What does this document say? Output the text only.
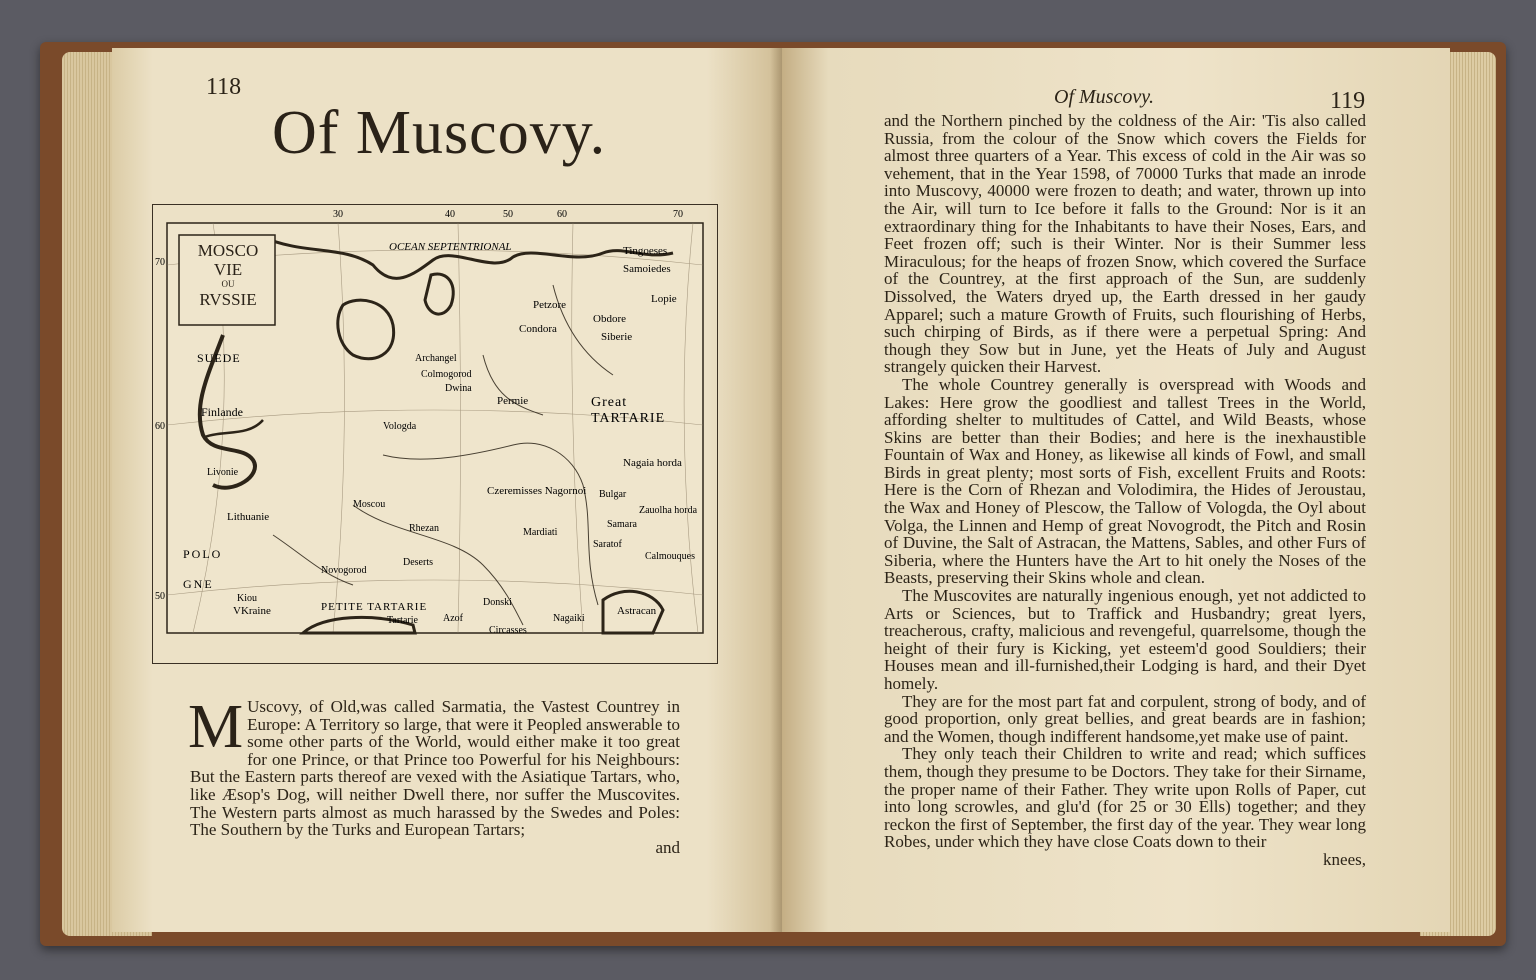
118
Of Muscovy.
MOSCO
VIE
OU
RVSSIE
30	40	50	60	70
70
60
50
OCEAN SEPTENTRIONAL	Tingoeses
Samoiedes
Lopie
Obdore
Petzore
Condora
Siberie
Archangel
Colmogorod
Dwina
Permie	Great TARTARIE
Finlande
SUEDE
Livonie
Lithuanie
Vologda
Moscou
Rhezan
Czeremisses Nagornoi
Nagaia horda
Bulgar
Zauolha horda
Samara
Saratof
Calmouques
POLO
GNE
PETITE TARTARIE
Kiou
VKraine	Astracan
Circasses
Nagaiki
Donski
Mardiati
Deserts
Tartarie	Azof
Novogorod
M Uscovy, of Old,was called Sarmatia, the Vastest Countrey in Europe: A Territory so large, that were it Peopled answerable to some other parts of the World, would either make it too great for one Prince, or that Prince too Powerful for his Neighbours: But the Eastern parts thereof are vexed with the Asiatique Tartars, who, like Æsop's Dog, will neither Dwell there, nor suffer the Muscovites. The Western parts almost as much harassed by the Swedes and Poles: The Southern by the Turks and European Tartars;
and
Of Muscovy.	119

and the Northern pinched by the coldness of the Air: 'Tis also called Russia, from the colour of the Snow which covers the Fields for almost three quarters of a Year. This excess of cold in the Air was so vehement, that in the Year 1598, of 70000 Turks that made an inrode into Muscovy, 40000 were frozen to death; and water, thrown up into the Air, will turn to Ice before it falls to the Ground: Nor is it an extraordinary thing for the Inhabitants to have their Noses, Ears, and Feet frozen off; such is their Winter. Nor is their Summer less Miraculous; for the heaps of frozen Snow, which covered the Surface of the Countrey, at the first approach of the Sun, are suddenly Dissolved, the Waters dryed up, the Earth dressed in her gaudy Apparel; such a mature Growth of Fruits, such flourishing of Herbs, such chirping of Birds, as if there were a perpetual Spring: And though they Sow but in June, yet the Heats of July and August strangely quicken their Harvest.

The whole Countrey generally is overspread with Woods and Lakes: Here grow the goodliest and tallest Trees in the World, affording shelter to multitudes of Cattel, and Wild Beasts, whose Skins are better than their Bodies; and here is the inexhaustible Fountain of Wax and Honey, as likewise all kinds of Fowl, and small Birds in great plenty; most sorts of Fish, excellent Fruits and Roots: Here is the Corn of Rhezan and Volodimira, the Hides of Jeroustau, the Wax and Honey of Plescow, the Tallow of Vologda, the Oyl about Volga, the Linnen and Hemp of great Novogrodt, the Pitch and Rosin of Duvine, the Salt of Astracan, the Mattens, Sables, and other Furs of Siberia, where the Hunters have the Art to hit onely the Noses of the Beasts, preserving their Skins whole and clean.

The Muscovites are naturally ingenious enough, yet not addicted to Arts or Sciences, but to Traffick and Husbandry; great lyers, treacherous, crafty, malicious and revengeful, quarrelsome, though the height of their fury is Kicking, yet esteem'd good Souldiers; their Houses mean and ill-furnished,their Lodging is hard, and their Dyet homely.

They are for the most part fat and corpulent, strong of body, and of good proportion, only great bellies, and great beards are in fashion; and the Women, though indifferent handsome,yet make use of paint.

They only teach their Children to write and read; which suffices them, though they presume to be Doctors. They take for their Sirname, the proper name of their Father. They write upon Rolls of Paper, cut into long scrowles, and glu'd (for 25 or 30 Ells) together; and they reckon the first of September, the first day of the year. They wear long Robes, under which they have close Coats down to their

knees,
